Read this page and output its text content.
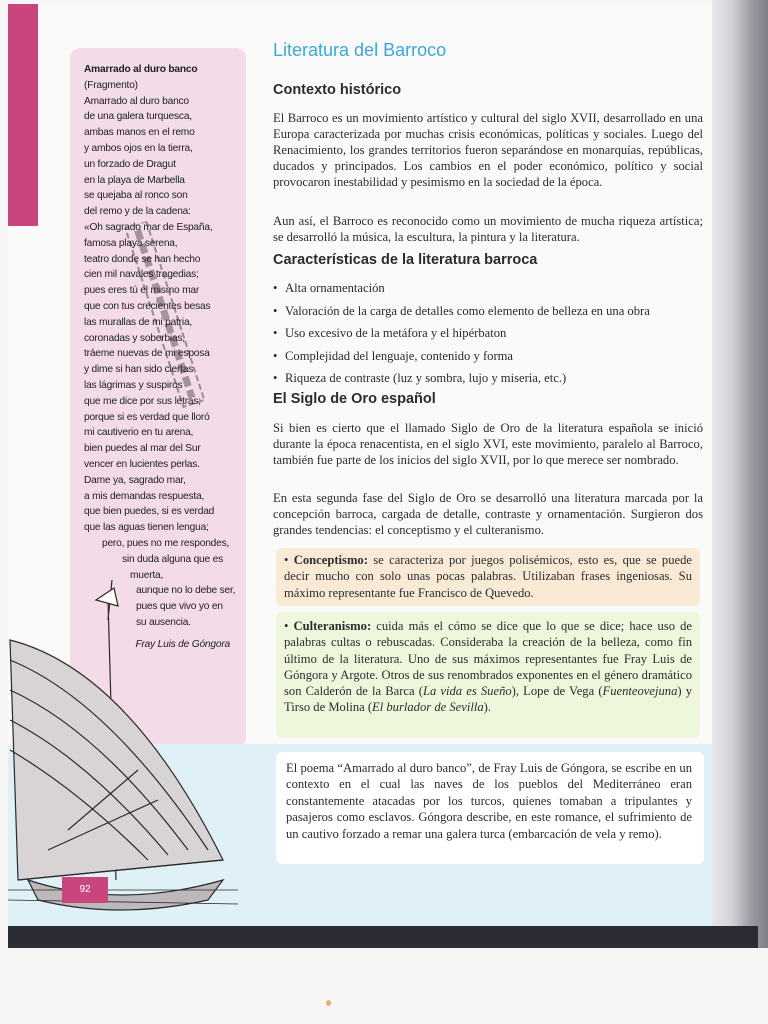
Amarrado al duro banco
(Fragmento)
Amarrado al duro banco
de una galera turquesca,
ambas manos en el remo
y ambos ojos en la tierra,
un forzado de Dragut
en la playa de Marbella
se quejaba al ronco son
del remo y de la cadena:
«Oh sagrado mar de España,
famosa playa serena,
teatro donde se han hecho
cien mil navales tragedias;
pues eres tú el mismo mar
que con tus crecientes besas
las murallas de mi patria,
coronadas y soberbias,
tráeme nuevas de mi esposa
y dime si han sido ciertas
las lágrimas y suspiros
que me dice por sus letras;
porque si es verdad que lloró
mi cautiverio en tu arena,
bien puedes al mar del Sur
vencer en lucientes perlas.
Dame ya, sagrado mar,
a mis demandas respuesta,
que bien puedes, si es verdad
que las aguas tienen lengua;
pero, pues no me respondes,
sin duda alguna que es
muerta,
aunque no lo debe ser,
pues que vivo yo en
su ausencia.
Fray Luis de Góngora
92
Literatura del Barroco
Contexto histórico
El Barroco es un movimiento artístico y cultural del siglo XVII, desarrollado en una Europa caracterizada por muchas crisis económicas, políticas y sociales. Luego del Renacimiento, los grandes territorios fueron separándose en monarquías, repúblicas, ducados y principados. Los cambios en el poder económico, político y social provocaron inestabilidad y pesimismo en la sociedad de la época.
Aun así, el Barroco es reconocido como un movimiento de mucha riqueza artística; se desarrolló la música, la escultura, la pintura y la literatura.
Características de la literatura barroca
• Alta ornamentación
• Valoración de la carga de detalles como elemento de belleza en una obra
• Uso excesivo de la metáfora y el hipérbaton
• Complejidad del lenguaje, contenido y forma
• Riqueza de contraste (luz y sombra, lujo y miseria, etc.)
El Siglo de Oro español
Si bien es cierto que el llamado Siglo de Oro de la literatura española se inició durante la época renacentista, en el siglo XVI, este movimiento, paralelo al Barroco, también fue parte de los inicios del siglo XVII, por lo que merece ser nombrado.
En esta segunda fase del Siglo de Oro se desarrolló una literatura marcada por la concepción barroca, cargada de detalle, contraste y ornamentación. Surgieron dos grandes tendencias: el conceptismo y el culteranismo.
• Conceptismo: se caracteriza por juegos polisémicos, esto es, que se puede decir mucho con solo unas pocas palabras. Utilizaban frases ingeniosas. Su máximo representante fue Francisco de Quevedo.
• Culteranismo: cuida más el cómo se dice que lo que se dice; hace uso de palabras cultas o rebuscadas. Consideraba la creación de la belleza, como fin último de la literatura. Uno de sus máximos representantes fue Fray Luis de Góngora y Argote. Otros de sus renombrados exponentes en el género dramático son Calderón de la Barca (La vida es Sueño), Lope de Vega (Fuenteovejuna) y Tirso de Molina (El burlador de Sevilla).
El poema “Amarrado al duro banco”, de Fray Luis de Góngora, se escribe en un contexto en el cual las naves de los pueblos del Mediterráneo eran constantemente atacadas por los turcos, quienes tomaban a tripulantes y pasajeros como esclavos. Góngora describe, en este romance, el sufrimiento de un cautivo forzado a remar una galera turca (embarcación de vela y remo).
